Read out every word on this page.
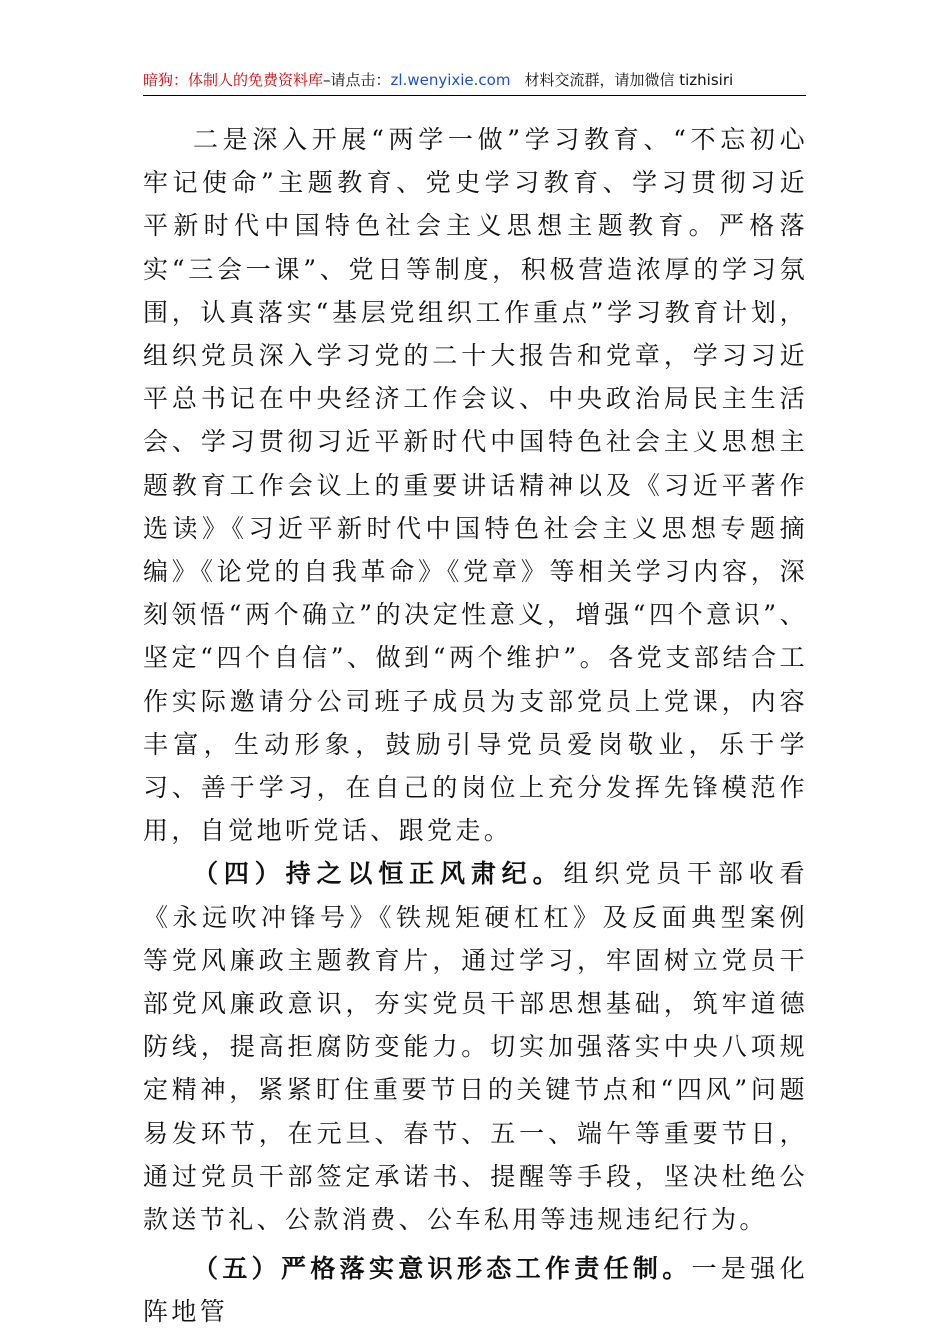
暗狗：体制人的免费资料库–请点击：zl.wenyixie.com 材料交流群，请加微信 tizhisiri

二是深入开展“两学一做”学习教育、“不忘初心 牢记使命”主题教育、党史学习教育、学习贯彻习近平新时代中国特色社会主义思想主题教育。严格落实“三会一课”、党日等制度，积极营造浓厚的学习氛围，认真落实“基层党组织工作重点”学习教育计划，组织党员深入学习党的二十大报告和党章，学习习近平总书记在中央经济工作会议、中央政治局民主生活会、学习贯彻习近平新时代中国特色社会主义思想主题教育工作会议上的重要讲话精神以及《习近平著作选读》《习近平新时代中国特色社会主义思想专题摘编》《论党的自我革命》《党章》等相关学习内容，深刻领悟“两个确立”的决定性意义，增强“四个意识”、坚定“四个自信”、做到“两个维护”。各党支部结合工作实际邀请分公司班子成员为支部党员上党课，内容丰富，生动形象，鼓励引导党员爱岗敬业，乐于学习、善于学习，在自己的岗位上充分发挥先锋模范作用，自觉地听党话、跟党走。

（四）持之以恒正风肃纪。组织党员干部收看《永远吹冲锋号》《铁规矩硬杠杠》及反面典型案例等党风廉政主题教育片，通过学习，牢固树立党员干部党风廉政意识，夯实党员干部思想基础，筑牢道德防线，提高拒腐防变能力。切实加强落实中央八项规定精神，紧紧盯住重要节日的关键节点和“四风”问题易发环节，在元旦、春节、五一、端午等重要节日，通过党员干部签定承诺书、提醒等手段，坚决杜绝公款送节礼、公款消费、公车私用等违规违纪行为。

（五）严格落实意识形态工作责任制。一是强化阵地管
